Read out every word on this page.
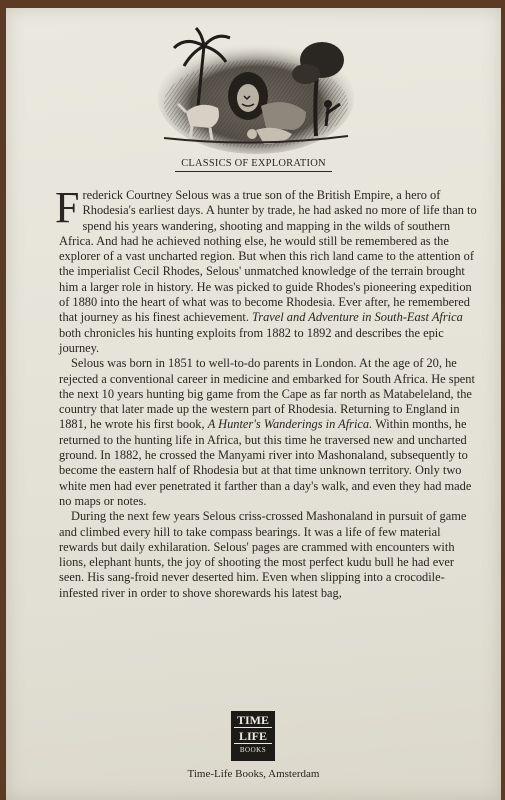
CLASSICS OF EXPLORATION

Frederick Courtney Selous was a true son of the British Empire, a hero of Rhodesia's earliest days. A hunter by trade, he had asked no more of life than to spend his years wandering, shooting and mapping in the wilds of southern Africa. And had he achieved nothing else, he would still be remembered as the explorer of a vast uncharted region. But when this rich land came to the attention of the imperialist Cecil Rhodes, Selous' unmatched knowledge of the terrain brought him a larger role in history. He was picked to guide Rhodes's pioneering expedition of 1880 into the heart of what was to become Rhodesia. Ever after, he remembered that journey as his finest achievement. Travel and Adventure in South-East Africa both chronicles his hunting exploits from 1882 to 1892 and describes the epic journey.

Selous was born in 1851 to well-to-do parents in London. At the age of 20, he rejected a conventional career in medicine and embarked for South Africa. He spent the next 10 years hunting big game from the Cape as far north as Matabeleland, the country that later made up the western part of Rhodesia. Returning to England in 1881, he wrote his first book, A Hunter's Wanderings in Africa. Within months, he returned to the hunting life in Africa, but this time he traversed new and uncharted ground. In 1882, he crossed the Manyami river into Mashonaland, subsequently to become the eastern half of Rhodesia but at that time unknown territory. Only two white men had ever penetrated it farther than a day's walk, and even they had made no maps or notes.

During the next few years Selous criss-crossed Mashonaland in pursuit of game and climbed every hill to take compass bearings. It was a life of few material rewards but daily exhilaration. Selous' pages are crammed with encounters with lions, elephant hunts, the joy of shooting the most perfect kudu bull he had ever seen. His sang-froid never deserted him. Even when slipping into a crocodile-infested river in order to shove shorewards his latest bag,

TIME
LIFE
BOOKS
Time-Life Books, Amsterdam
